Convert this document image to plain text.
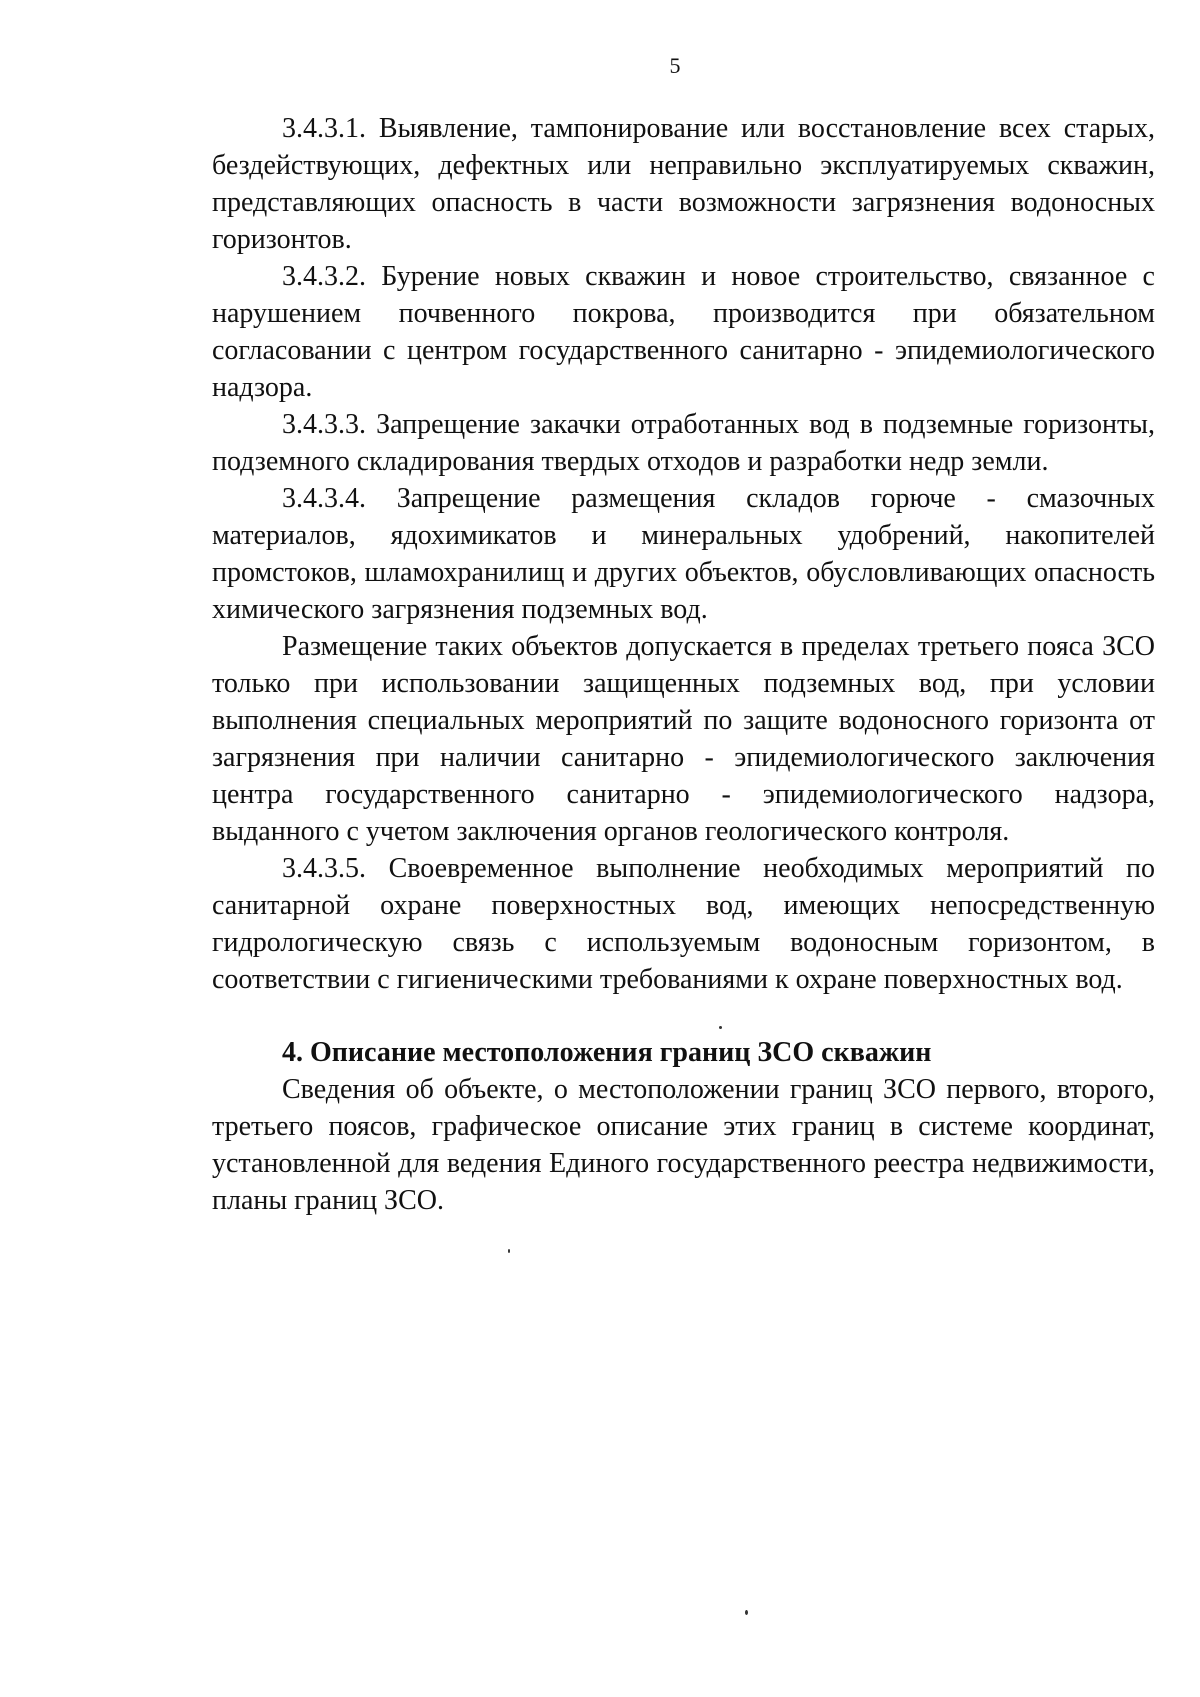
5

3.4.3.1. Выявление, тампонирование или восстановление всех старых, бездействующих, дефектных или неправильно эксплуатируемых скважин, представляющих опасность в части возможности загрязнения водоносных горизонтов.

3.4.3.2. Бурение новых скважин и новое строительство, связанное с нарушением почвенного покрова, производится при обязательном согласовании с центром государственного санитарно - эпидемиологического надзора.

3.4.3.3. Запрещение закачки отработанных вод в подземные горизонты, подземного складирования твердых отходов и разработки недр земли.

3.4.3.4. Запрещение размещения складов горюче - смазочных материалов, ядохимикатов и минеральных удобрений, накопителей промстоков, шламохранилищ и других объектов, обусловливающих опасность химического загрязнения подземных вод.

Размещение таких объектов допускается в пределах третьего пояса ЗСО только при использовании защищенных подземных вод, при условии выполнения специальных мероприятий по защите водоносного горизонта от загрязнения при наличии санитарно - эпидемиологического заключения центра государственного санитарно - эпидемиологического надзора, выданного с учетом заключения органов геологического контроля.

3.4.3.5. Своевременное выполнение необходимых мероприятий по санитарной охране поверхностных вод, имеющих непосредственную гидрологическую связь с используемым водоносным горизонтом, в соответствии с гигиеническими требованиями к охране поверхностных вод.

4. Описание местоположения границ ЗСО скважин

Сведения об объекте, о местоположении границ ЗСО первого, второго, третьего поясов, графическое описание этих границ в системе координат, установленной для ведения Единого государственного реестра недвижимости, планы границ ЗСО.
